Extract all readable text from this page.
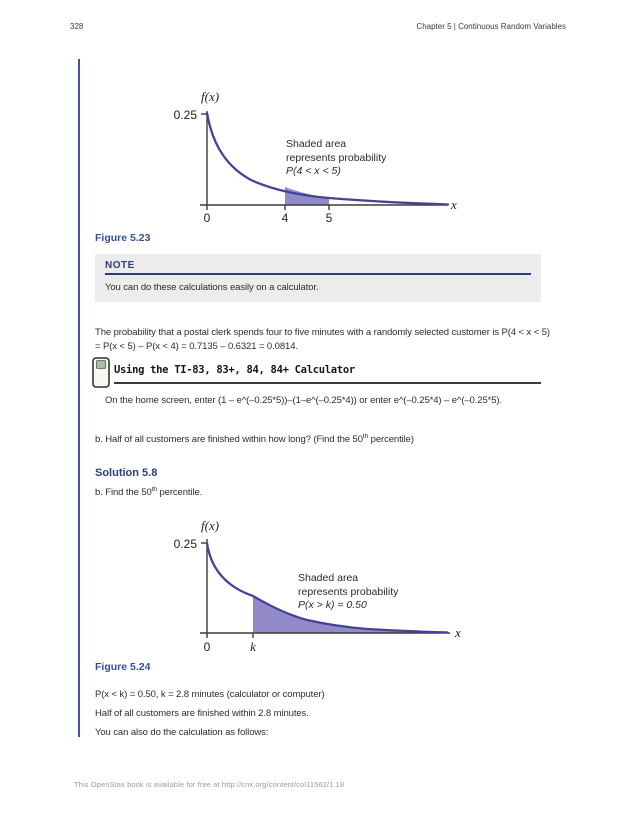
328	Chapter 5 | Continuous Random Variables
f(x)
0.25
0	4	5
x
Shaded area
represents probability
P(4 < x < 5)
Figure 5.23
NOTE
You can do these calculations easily on a calculator.
The probability that a postal clerk spends four to five minutes with a randomly selected customer is P(4 < x < 5) = P(x < 5) – P(x < 4) = 0.7135 – 0.6321 = 0.0814.
Using the TI-83, 83+, 84, 84+ Calculator
On the home screen, enter (1 – e^(–0.25*5))–(1–e^(–0.25*4)) or enter e^(–0.25*4) – e^(–0.25*5).
b. Half of all customers are finished within how long? (Find the 50th percentile)
Solution 5.8
b. Find the 50th percentile.
f(x)
0.25
0	k
x
Shaded area
represents probability
P(x > k) = 0.50
Figure 5.24
P(x < k) = 0.50, k = 2.8 minutes (calculator or computer)
Half of all customers are finished within 2.8 minutes.
You can also do the calculation as follows:
This OpenStax book is available for free at http://cnx.org/content/col11562/1.18
